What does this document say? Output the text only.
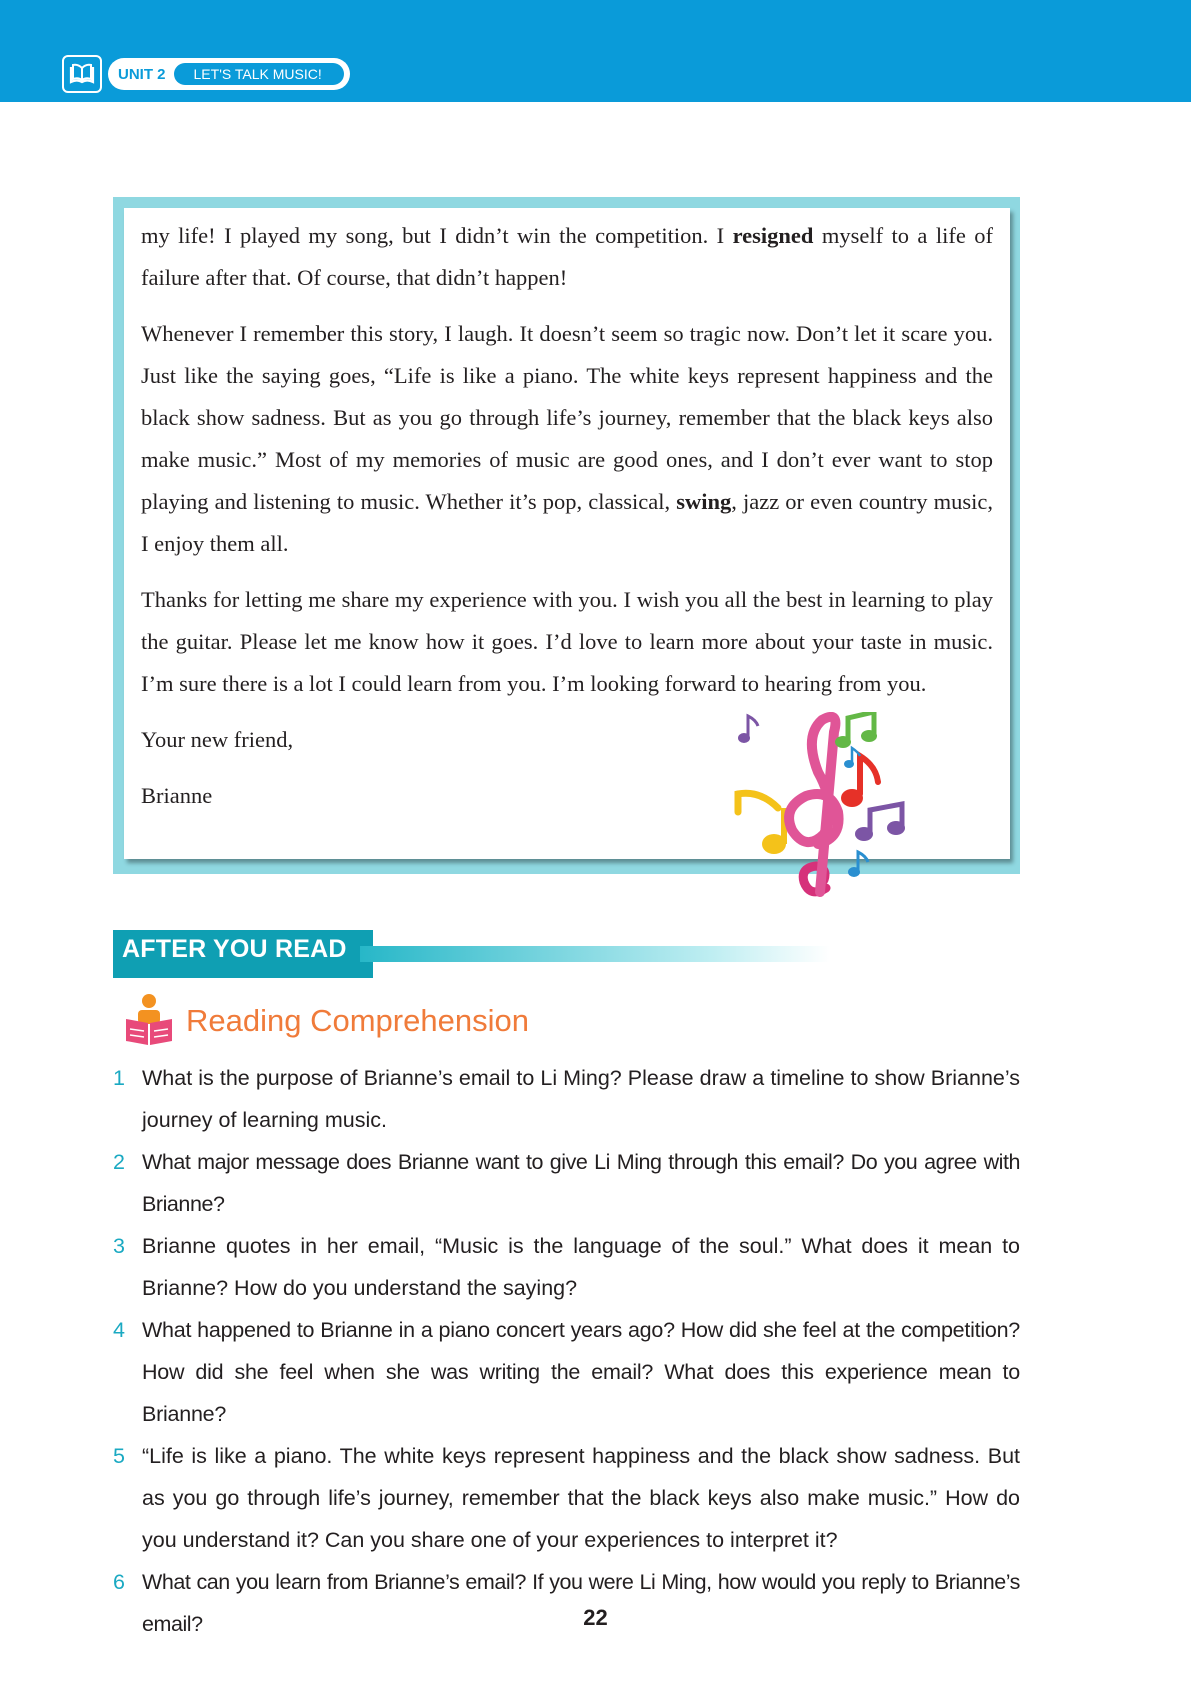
UNIT 2	LET'S TALK MUSIC!

my life! I played my song, but I didn’t win the competition. I resigned myself to a life of failure after that. Of course, that didn’t happen!

Whenever I remember this story, I laugh. It doesn’t seem so tragic now. Don’t let it scare you. Just like the saying goes, “Life is like a piano. The white keys represent happiness and the black show sadness. But as you go through life’s journey, remember that the black keys also make music.” Most of my memories of music are good ones, and I don’t ever want to stop playing and listening to music. Whether it’s pop, classical, swing, jazz or even country music, I enjoy them all.

Thanks for letting me share my experience with you. I wish you all the best in learning to play the guitar. Please let me know how it goes. I’d love to learn more about your taste in music. I’m sure there is a lot I could learn from you. I’m looking forward to hearing from you.

Your new friend,

Brianne

AFTER YOU READ
Reading Comprehension
1 What is the purpose of Brianne’s email to Li Ming? Please draw a timeline to show Brianne’s journey of learning music.
2 What major message does Brianne want to give Li Ming through this email? Do you agree with Brianne?
3 Brianne quotes in her email, “Music is the language of the soul.” What does it mean to Brianne? How do you understand the saying?
4 What happened to Brianne in a piano concert years ago? How did she feel at the competition? How did she feel when she was writing the email? What does this experience mean to Brianne?
5 “Life is like a piano. The white keys represent happiness and the black show sadness. But as you go through life’s journey, remember that the black keys also make music.” How do you understand it? Can you share one of your experiences to interpret it?
6 What can you learn from Brianne’s email? If you were Li Ming, how would you reply to Brianne’s email?	22
